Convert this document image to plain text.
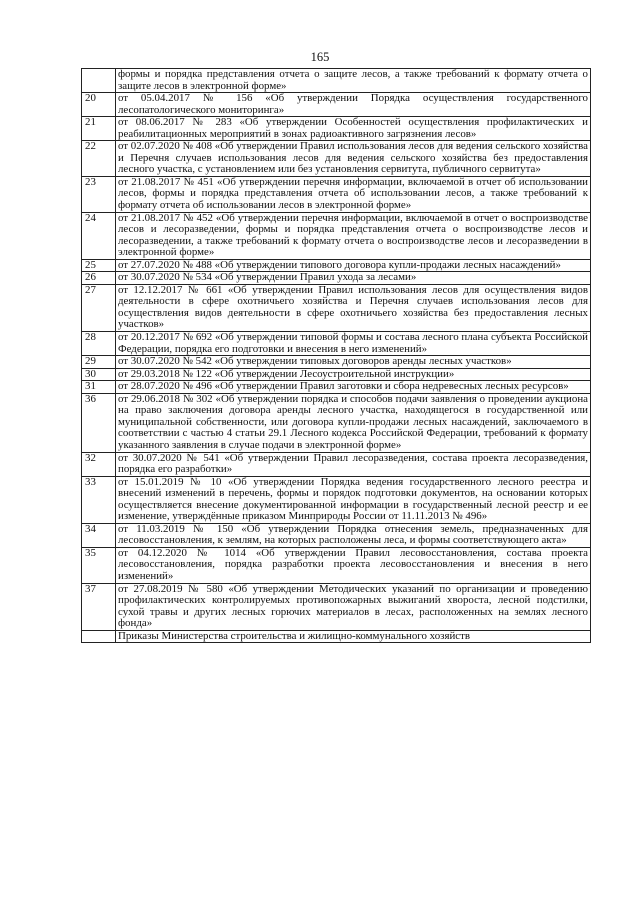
165
	формы и порядка представления отчета о защите лесов, а также требований к формату отчета о защите лесов в электронной форме»
20	от 05.04.2017 № 156 «Об утверждении Порядка осуществления государственного лесопатологического мониторинга»
21	от 08.06.2017 № 283 «Об утверждении Особенностей осуществления профилактических и реабилитационных мероприятий в зонах радиоактивного загрязнения лесов»
22	от 02.07.2020 № 408 «Об утверждении Правил использования лесов для ведения сельского хозяйства и Перечня случаев использования лесов для ведения сельского хозяйства без предоставления лесного участка, с установлением или без установления сервитута, публичного сервитута»
23	от 21.08.2017 № 451 «Об утверждении перечня информации, включаемой в отчет об использовании лесов, формы и порядка представления отчета об использовании лесов, а также требований к формату отчета об использовании лесов в электронной форме»
24	от 21.08.2017 № 452 «Об утверждении перечня информации, включаемой в отчет о воспроизводстве лесов и лесоразведении, формы и порядка представления отчета о воспроизводстве лесов и лесоразведении, а также требований к формату отчета о воспроизводстве лесов и лесоразведении в электронной форме»
25	от 27.07.2020 № 488 «Об утверждении типового договора купли-продажи лесных насаждений»
26	от 30.07.2020 № 534 «Об утверждении Правил ухода за лесами»
27	от 12.12.2017 № 661 «Об утверждении Правил использования лесов для осуществления видов деятельности в сфере охотничьего хозяйства и Перечня случаев использования лесов для осуществления видов деятельности в сфере охотничьего хозяйства без предоставления лесных участков»
28	от 20.12.2017 № 692 «Об утверждении типовой формы и состава лесного плана субъекта Российской Федерации, порядка его подготовки и внесения в него изменений»
29	от 30.07.2020 № 542 «Об утверждении типовых договоров аренды лесных участков»
30	от 29.03.2018 № 122 «Об утверждении Лесоустроительной инструкции»
31	от 28.07.2020 № 496 «Об утверждении Правил заготовки и сбора недревесных лесных ресурсов»
36	от 29.06.2018 № 302 «Об утверждении порядка и способов подачи заявления о проведении аукциона на право заключения договора аренды лесного участка, находящегося в государственной или муниципальной собственности, или договора купли-продажи лесных насаждений, заключаемого в соответствии с частью 4 статьи 29.1 Лесного кодекса Российской Федерации, требований к формату указанного заявления в случае подачи в электронной форме»
32	от 30.07.2020 № 541 «Об утверждении Правил лесоразведения, состава проекта лесоразведения, порядка его разработки»
33	от 15.01.2019 № 10 «Об утверждении Порядка ведения государственного лесного реестра и внесений изменений в перечень, формы и порядок подготовки документов, на основании которых осуществляется внесение документированной информации в государственный лесной реестр и ее изменение, утверждённые приказом Минприроды России от 11.11.2013 № 496»
34	от 11.03.2019 № 150 «Об утверждении Порядка отнесения земель, предназначенных для лесовосстановления, к землям, на которых расположены леса, и формы соответствующего акта»
35	от 04.12.2020 № 1014 «Об утверждении Правил лесовосстановления, состава проекта лесовосстановления, порядка разработки проекта лесовосстановления и внесения в него изменений»
37	от 27.08.2019 № 580 «Об утверждении Методических указаний по организации и проведению профилактических контролируемых противопожарных выжиганий хвороста, лесной подстилки, сухой травы и других лесных горючих материалов в лесах, расположенных на землях лесного фонда»
	Приказы Министерства строительства и жилищно-коммунального хозяйств
